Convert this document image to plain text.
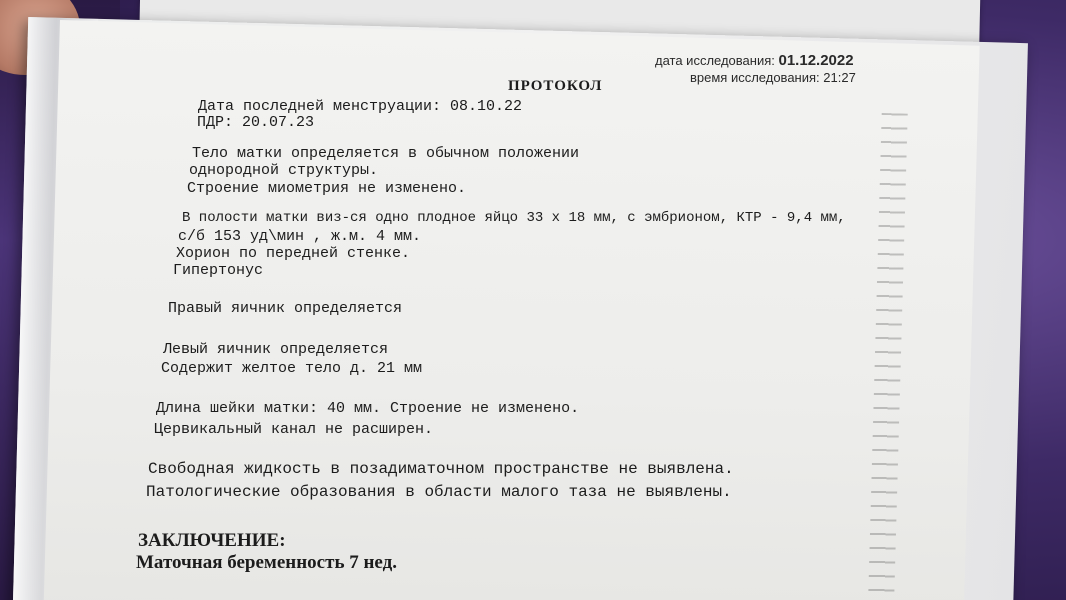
дата исследования: 01.12.2022
время исследования: 21:27
ПРОТОКОЛ
Дата последней менструации: 08.10.22
ПДР: 20.07.23
Тело матки определяется в обычном положении
однородной структуры.
Строение миометрия не изменено.
В полости матки виз-ся одно плодное яйцо 33 х 18 мм, с эмбрионом, КТР - 9,4 мм,
с/б 153 уд\мин , ж.м. 4 мм.
Хорион по передней стенке.
Гипертонус
Правый яичник определяется
Левый яичник определяется
Содержит желтое тело д. 21 мм
Длина шейки матки: 40 мм. Строение не изменено.
Цервикальный канал не расширен.
Свободная жидкость в позадиматочном пространстве не выявлена.
Патологические образования в области малого таза не выявлены.
ЗАКЛЮЧЕНИЕ:
Маточная беременность 7 нед.
